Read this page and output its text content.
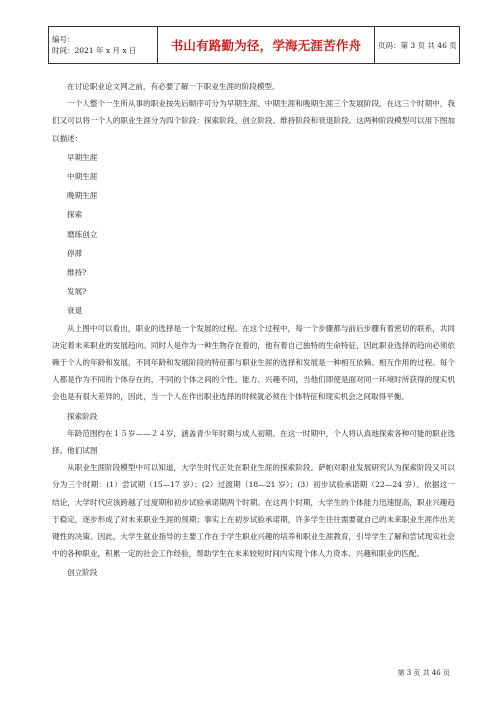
编号：
时间：2021 年 x 月 x 日	书山有路勤为径，学海无涯苦作舟	页码：第 3 页 共 46 页

在讨论职业论文网之前，有必要了解一下职业生涯的阶段模型。

一个人整个一生所从事的职业按先后顺序可分为早期生涯、中期生涯和晚期生涯三个发展阶段。在这三个时期中，我们又可以将一个人的职业生涯分为四个阶段：探索阶段、创立阶段、维持阶段和衰退阶段。这两种阶段模型可以用下图加以描述：

早期生涯

中期生涯

晚期生涯

探索

磨练创立

停滞

维持?

发展?

衰退

从上图中可以看出，职业的选择是一个发展的过程。在这个过程中，每一个步骤都与前后步骤有着密切的联系，共同决定着未来职业的发展趋向。同时人是作为一种生物存在着的，他有着自己独特的生命特征，因此职业选择的趋向必须依赖于个人的年龄和发展，不同年龄和发展阶段的特征都与职业生涯的选择和发展是一种相互依赖、相互作用的过程。每个人都是作为不同的个体存在的，不同的个体之间的个性、能力、兴趣不同，当他们即使是面对同一环境时所获得的现实机会也是有很大差异的，因此，当一个人在作出职业选择的时候就必须在个体特征和现实机会之间取得平衡。

探索阶段

年龄范围约在１５岁——２４岁，涵盖青少年时期与成人初期。在这一时期中，个人将认真地探索各种可能的职业选择。他们试图

从职业生涯阶段模型中可以知道，大学生时代正处在职业生涯的探索阶段。萨帕对职业发展研究认为探索阶段又可以分为三个时期：(1）尝试期（15—17 岁）；(2）过渡期（18—21 岁）；(3）初步试验承诺期（22—24 岁）。依据这一结论，大学时代应该跨越了过度期和初步试验承诺期两个时期。在这两个时期，大学生的个体能力迅速提高，职业兴趣趋于稳定，逐步形成了对未来职业生涯的预期；事实上在初步试验承诺期，许多学生往往需要就自己的未来职业生涯作出关键性的决策。因此，大学生就业指导的主要工作在于学生职业兴趣的培养和职业生涯教育，引导学生了解和尝试现实社会中的各种职业，积累一定的社会工作经验，帮助学生在未来较短时间内实现个体人力资本、兴趣和职业的匹配。

创立阶段

第 3 页 共 46 页
